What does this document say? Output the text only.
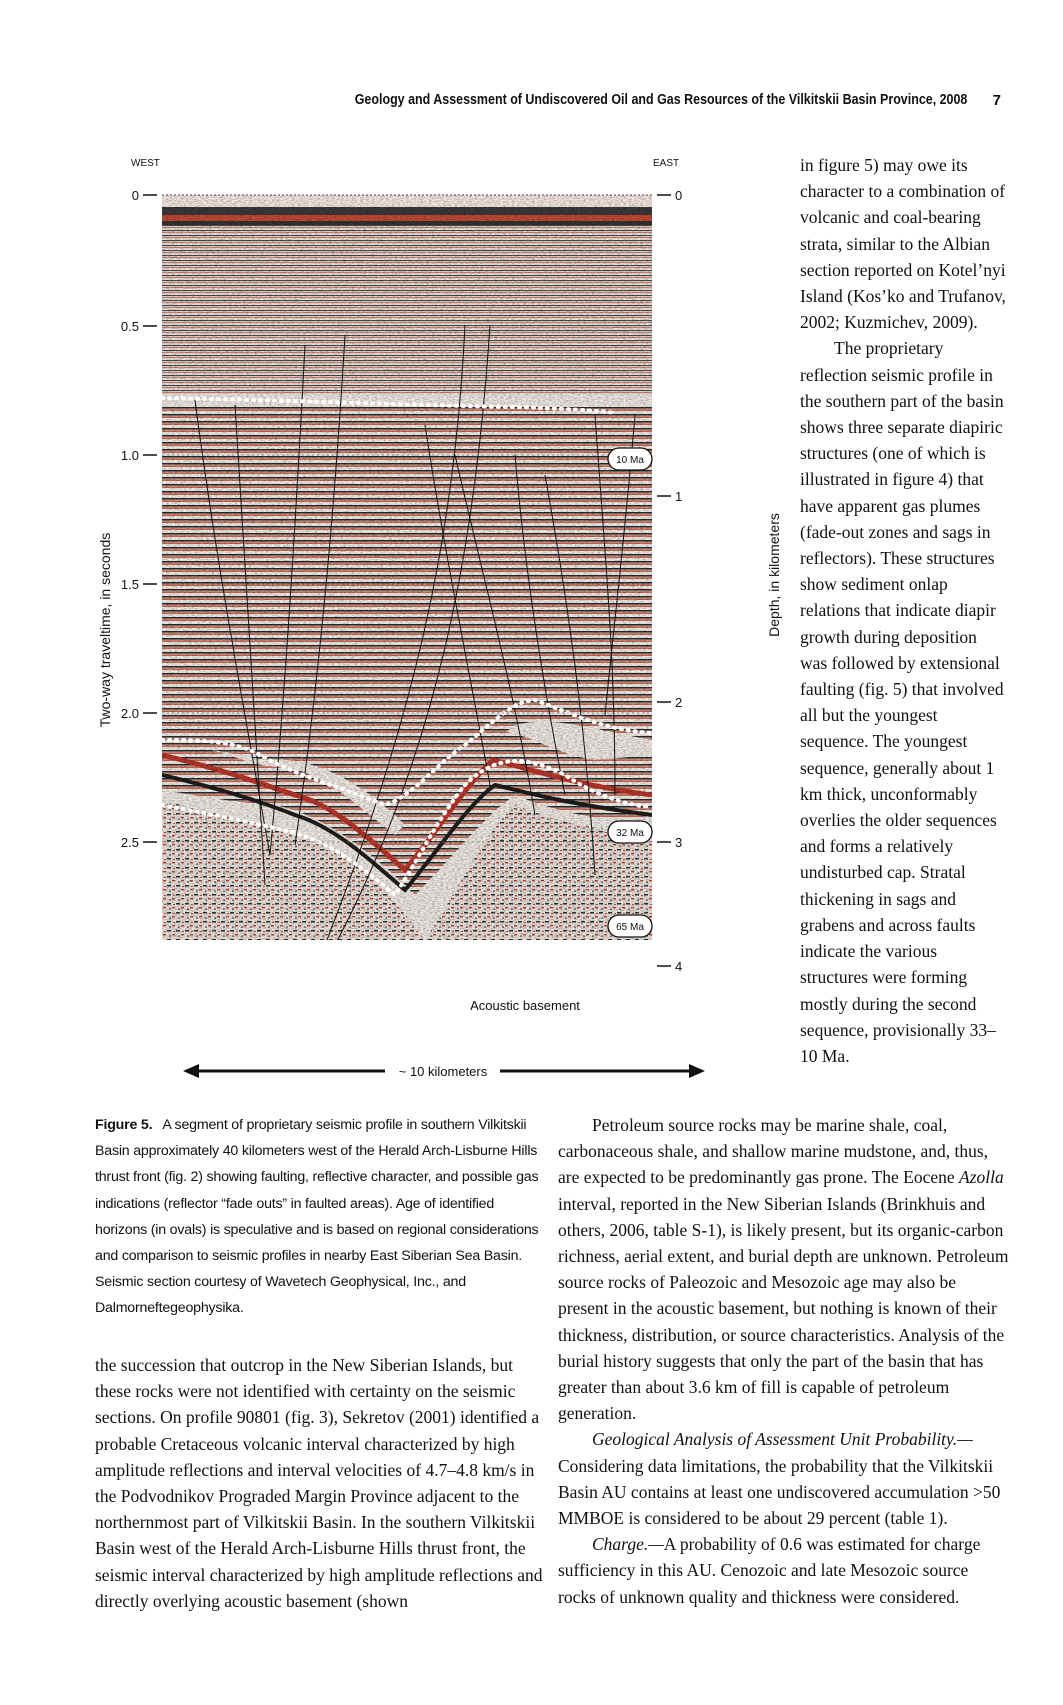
Geology and Assessment of Undiscovered Oil and Gas Resources of the Vilkitskii Basin Province, 2008 7
WEST	EAST
0
0.5
1.0
1.5
2.0
2.5
0
1
2
3
4
Two-way traveltime, in seconds	Depth, in kilometers
10 Ma
32 Ma
65 Ma
Acoustic basement
~ 10 kilometers

in figure 5) may owe its character to a combination of volcanic and coal-bearing strata, similar to the Albian section reported on Kotel’nyi Island (Kos’ko and Trufanov, 2002; Kuzmichev, 2009).

The proprietary reflection seismic profile in the southern part of the basin shows three separate diapiric structures (one of which is illustrated in figure 4) that have apparent gas plumes (fade-out zones and sags in reflectors). These structures show sediment onlap relations that indicate diapir growth during deposition was followed by extensional faulting (fig. 5) that involved all but the youngest sequence. The youngest sequence, generally about 1 km thick, unconformably overlies the older sequences and forms a relatively undisturbed cap. Stratal thickening in sags and grabens and across faults indicate the various structures were forming mostly during the second sequence, provisionally 33–10 Ma.

Figure 5. A segment of proprietary seismic profile in southern Vilkitskii Basin approximately 40 kilometers west of the Herald Arch-Lisburne Hills thrust front (fig. 2) showing faulting, reflective character, and possible gas indications (reflector “fade outs” in faulted areas). Age of identified horizons (in ovals) is speculative and is based on regional considerations and comparison to seismic profiles in nearby East Siberian Sea Basin. Seismic section courtesy of Wavetech Geophysical, Inc., and Dalmorneftegeophysika.

the succession that outcrop in the New Siberian Islands, but these rocks were not identified with certainty on the seismic sections. On profile 90801 (fig. 3), Sekretov (2001) identified a probable Cretaceous volcanic interval characterized by high amplitude reflections and interval velocities of 4.7–4.8 km/s in the Podvodnikov Prograded Margin Province adjacent to the northernmost part of Vilkitskii Basin. In the southern Vilkitskii Basin west of the Herald Arch-Lisburne Hills thrust front, the seismic interval characterized by high amplitude reflections and directly overlying acoustic basement (shown

Petroleum source rocks may be marine shale, coal, carbonaceous shale, and shallow marine mudstone, and, thus, are expected to be predominantly gas prone. The Eocene Azolla interval, reported in the New Siberian Islands (Brinkhuis and others, 2006, table S-1), is likely present, but its organic-carbon richness, aerial extent, and burial depth are unknown. Petroleum source rocks of Paleozoic and Mesozoic age may also be present in the acoustic basement, but nothing is known of their thickness, distribution, or source characteristics. Analysis of the burial history suggests that only the part of the basin that has greater than about 3.6 km of fill is capable of petroleum generation.

Geological Analysis of Assessment Unit Probability.—Considering data limitations, the probability that the Vilkitskii Basin AU contains at least one undiscovered accumulation >50 MMBOE is considered to be about 29 percent (table 1).

Charge.—A probability of 0.6 was estimated for charge sufficiency in this AU. Cenozoic and late Mesozoic source rocks of unknown quality and thickness were considered.
